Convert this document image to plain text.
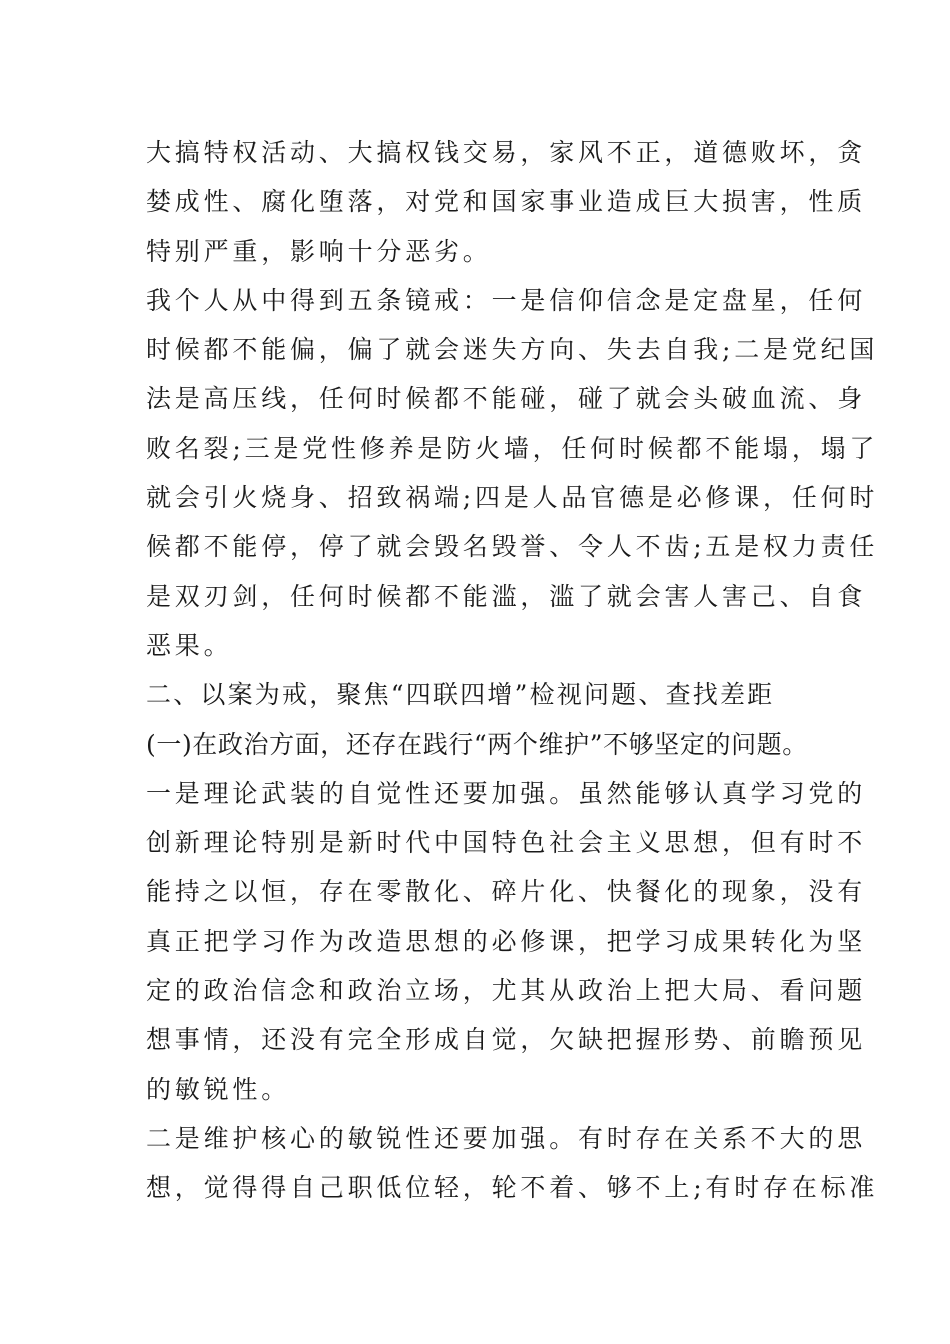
大搞特权活动、大搞权钱交易，家风不正，道德败坏，贪
婪成性、腐化堕落，对党和国家事业造成巨大损害，性质
特别严重，影响十分恶劣。
我个人从中得到五条镜戒：一是信仰信念是定盘星，任何
时候都不能偏，偏了就会迷失方向、失去自我;二是党纪国
法是高压线，任何时候都不能碰，碰了就会头破血流、身
败名裂;三是党性修养是防火墙，任何时候都不能塌，塌了
就会引火烧身、招致祸端;四是人品官德是必修课，任何时
候都不能停，停了就会毁名毁誉、令人不齿;五是权力责任
是双刃剑，任何时候都不能滥，滥了就会害人害己、自食
恶果。
二、以案为戒，聚焦“四联四增”检视问题、查找差距
(一)在政治方面，还存在践行“两个维护”不够坚定的问题。
一是理论武装的自觉性还要加强。虽然能够认真学习党的
创新理论特别是新时代中国特色社会主义思想，但有时不
能持之以恒，存在零散化、碎片化、快餐化的现象，没有
真正把学习作为改造思想的必修课，把学习成果转化为坚
定的政治信念和政治立场，尤其从政治上把大局、看问题
想事情，还没有完全形成自觉，欠缺把握形势、前瞻预见
的敏锐性。
二是维护核心的敏锐性还要加强。有时存在关系不大的思
想，觉得得自己职低位轻，轮不着、够不上;有时存在标准
